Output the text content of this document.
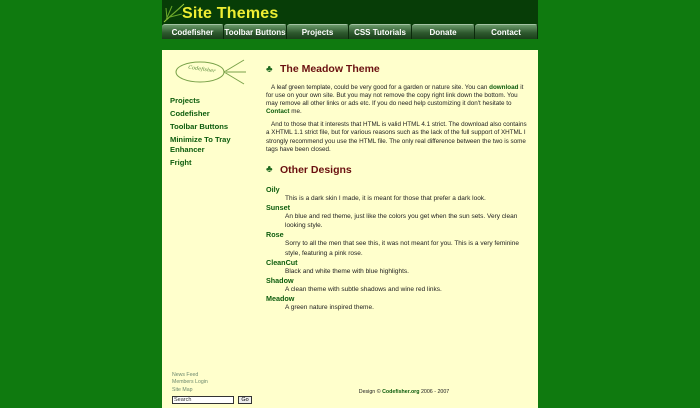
Site Themes
Codefisher	Toolbar Buttons	Projects	CSS Tutorials	Donate	Contact
Codefisher
Projects
Codefisher
Toolbar Buttons
Minimize To Tray Enhancer
Fright
News Feed
Members Login
Site Map
Search	Go
♣ The Meadow Theme

A leaf green template, could be very good for a garden or nature site. You can download it for use on your own site. But you may not remove the copy right link down the bottom. You may remove all other links or ads etc. If you do need help customizing it don't hesitate to Contact me.

And to those that it interests that HTML is valid HTML 4.1 strict. The download also contains a XHTML 1.1 strict file, but for various reasons such as the lack of the full support of XHTML I strongly recommend you use the HTML file. The only real difference between the two is some tags have been closed.

♣ Other Designs
Oily
This is a dark skin I made, it is meant for those that prefer a dark look.
Sunset
An blue and red theme, just like the colors you get when the sun sets. Very clean looking style.
Rose
Sorry to all the men that see this, it was not meant for you. This is a very feminine style, featuring a pink rose.
CleanCut
Black and white theme with blue highlights.
Shadow
A clean theme with subtle shadows and wine red links.
Meadow
A green nature inspired theme.
Design © Codefisher.org 2006 - 2007
